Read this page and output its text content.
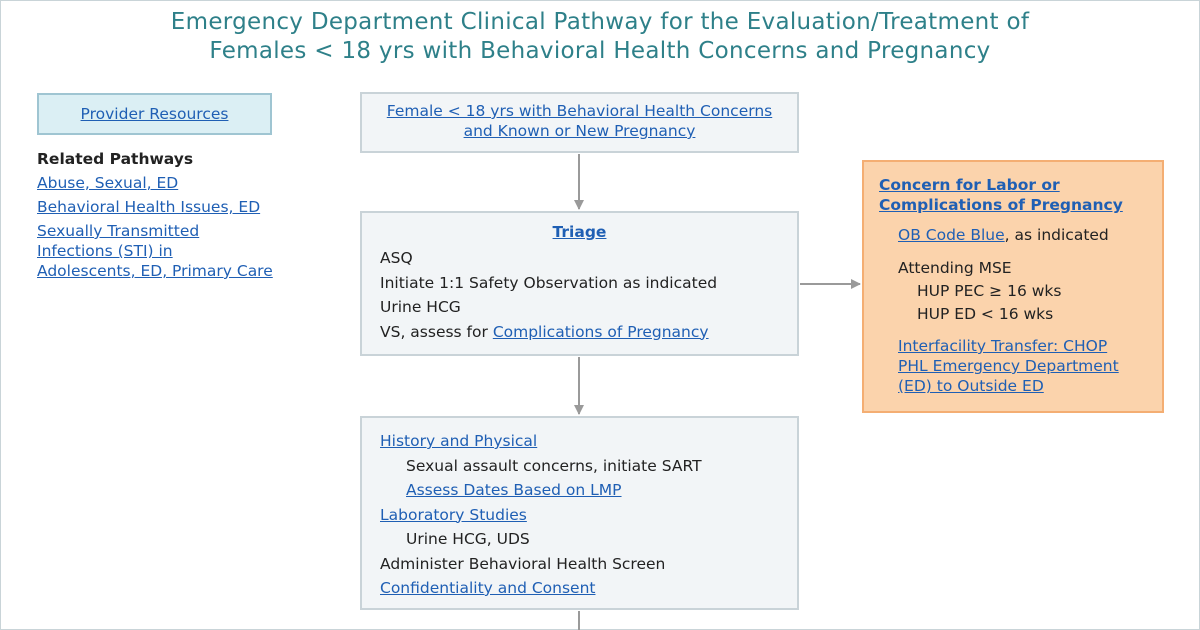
Emergency Department Clinical Pathway for the Evaluation/Treatment of
Females < 18 yrs with Behavioral Health Concerns and Pregnancy
Provider Resources
Related Pathways
Abuse, Sexual, ED
Behavioral Health Issues, ED
Sexually Transmitted
Infections (STI) in
Adolescents, ED, Primary Care
Female < 18 yrs with Behavioral Health Concerns
and Known or New Pregnancy
Triage
ASQ
Initiate 1:1 Safety Observation as indicated
Urine HCG
VS, assess for Complications of Pregnancy
History and Physical
Sexual assault concerns, initiate SART
Assess Dates Based on LMP
Laboratory Studies
Urine HCG, UDS
Administer Behavioral Health Screen
Confidentiality and Consent
Concern for Labor or
Complications of Pregnancy
OB Code Blue, as indicated
Attending MSE
HUP PEC ≥ 16 wks
HUP ED < 16 wks
Interfacility Transfer: CHOP
PHL Emergency Department
(ED) to Outside ED
